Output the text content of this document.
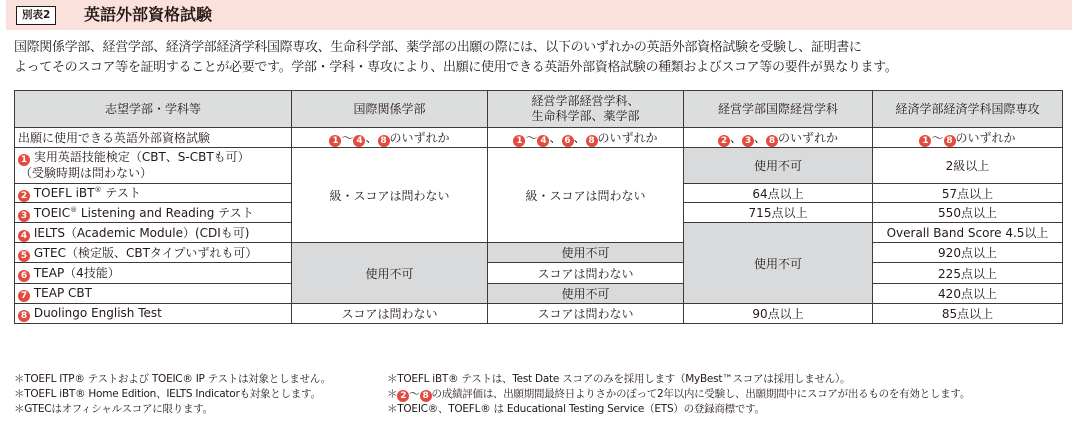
別表2	英語外部資格試験
国際関係学部、経営学部、経済学部経済学科国際専攻、生命科学部、薬学部の出願の際には、以下のいずれかの英語外部資格試験を受験し、証明書に
よってそのスコア等を証明することが必要です。学部・学科・専攻により、出願に使用できる英語外部資格試験の種類およびスコア等の要件が異なります。
志望学部・学科等	国際関係学部	経営学部経営学科、
生命科学部、薬学部	経営学部国際経営学科	経済学部経済学科国際専攻
出願に使用できる英語外部資格試験	1 ～ 4 、 8 のいずれか	1 ～ 4 、 6 、 8 のいずれか	2 、 3 、 8 のいずれか	1 ～ 8 のいずれか

1 実用英語技能検定（CBT、S-CBTも可）
（受験時期は問わない）	級・スコアは問わない	級・スコアは問わない	使用不可	2級以上
2 TOEFL iBT® テスト			64点以上	57点以上
3 TOEIC® Listening and Reading テスト			715点以上	550点以上
4 IELTS（Academic Module）(CDIも可)			使用不可	Overall Band Score 4.5以上
5 GTEC（検定版、CBTタイプいずれも可）	使用不可	使用不可		920点以上
6 TEAP（4技能）		スコアは問わない		225点以上
7 TEAP CBT		使用不可		420点以上
8 Duolingo English Test	スコアは問わない	スコアは問わない	90点以上	85点以上
＊TOEFL ITP® テストおよび TOEIC® IP テストは対象としません。	＊TOEFL iBT® テストは、Test Date スコアのみを採用します（MyBest™スコアは採用しません）。
＊TOEFL iBT® Home Edition、IELTS Indicatorも対象とします。	＊ 2 ～ 8 の成績評価は、出願期間最終日よりさかのぼって2年以内に受験し、出願期間中にスコアが出るものを有効とします。
＊GTECはオフィシャルスコアに限ります。	＊TOEIC®、TOEFL® は Educational Testing Service（ETS）の登録商標です。
